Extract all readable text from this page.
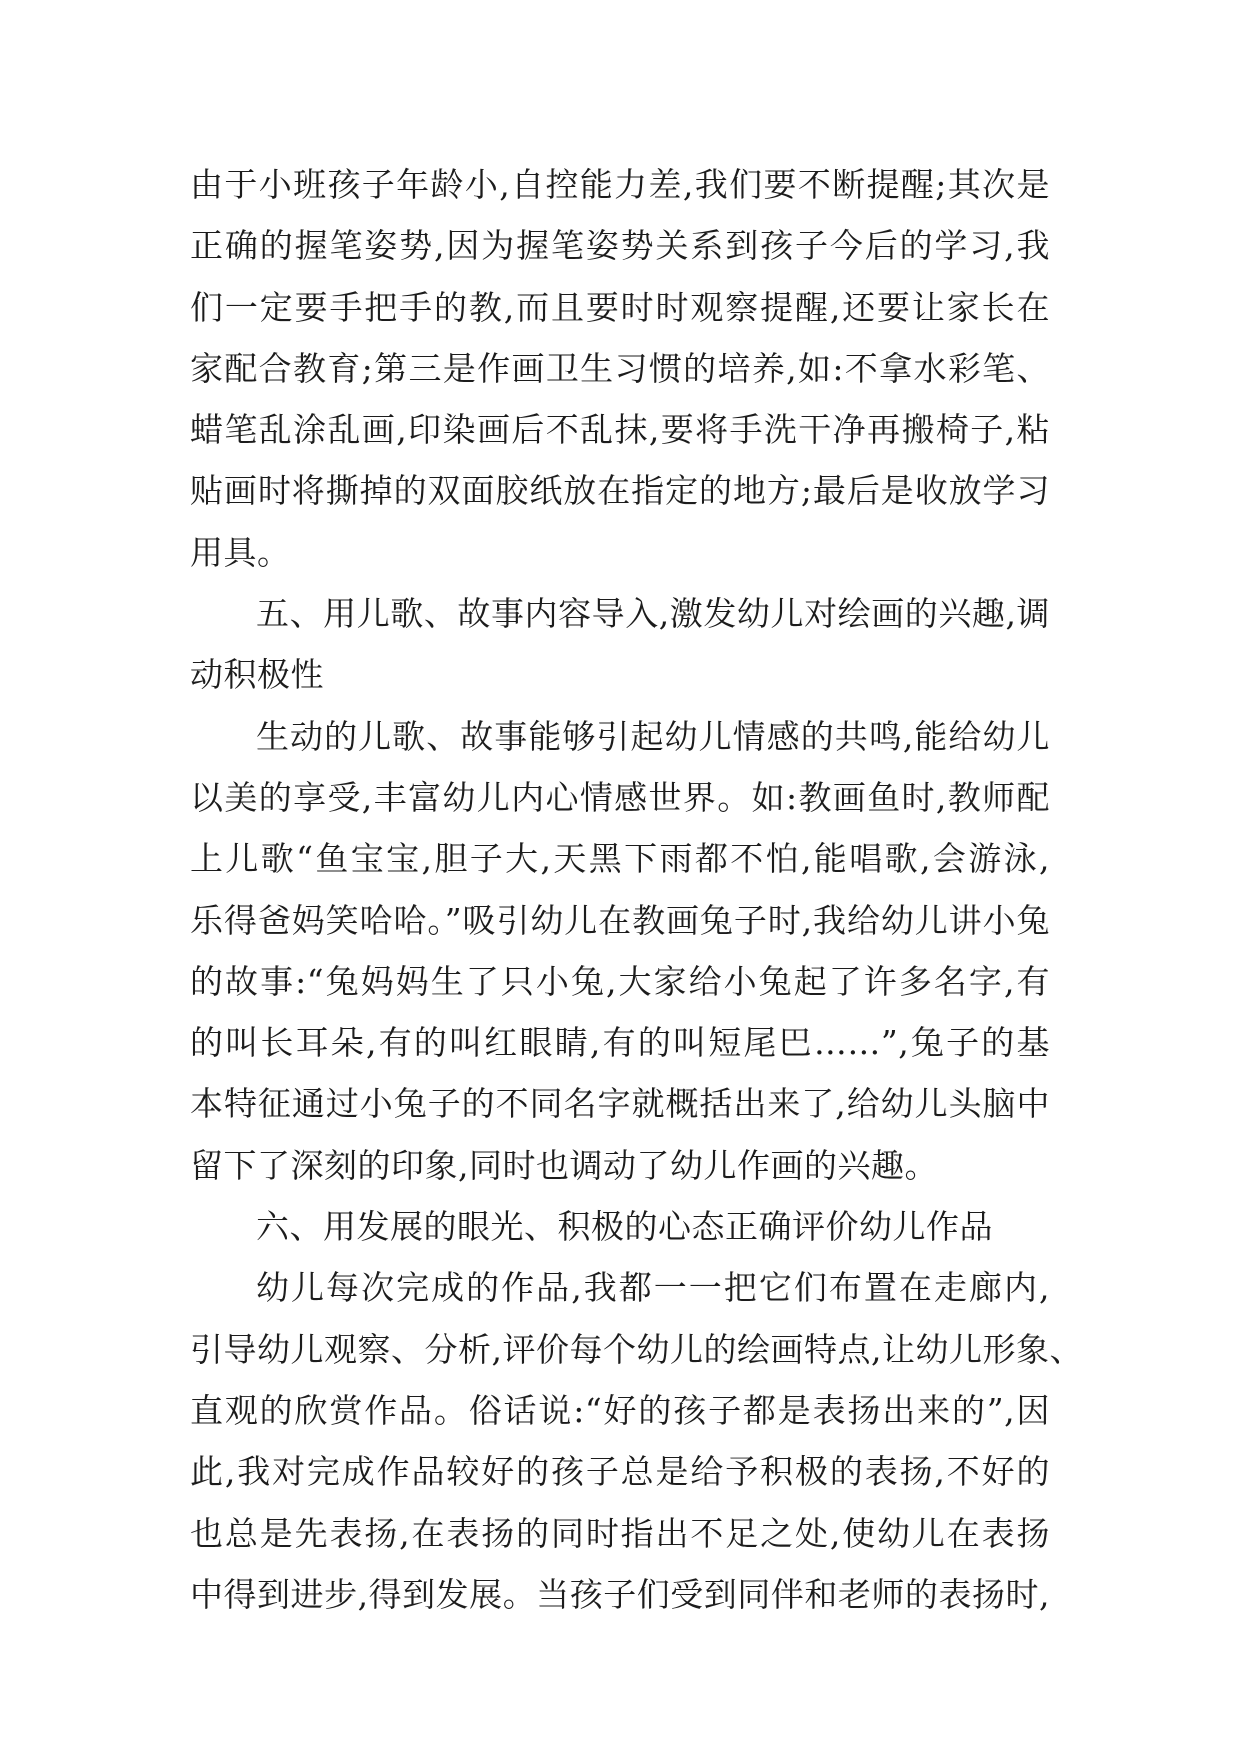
由于小班孩子年龄小,自控能力差,我们要不断提醒;其次是
正确的握笔姿势,因为握笔姿势关系到孩子今后的学习,我
们一定要手把手的教,而且要时时观察提醒,还要让家长在
家配合教育;第三是作画卫生习惯的培养,如:不拿水彩笔、
蜡笔乱涂乱画,印染画后不乱抹,要将手洗干净再搬椅子,粘
贴画时将撕掉的双面胶纸放在指定的地方;最后是收放学习
用具。
五、用儿歌、故事内容导入,激发幼儿对绘画的兴趣,调
动积极性
生动的儿歌、故事能够引起幼儿情感的共鸣,能给幼儿
以美的享受,丰富幼儿内心情感世界。如:教画鱼时,教师配
上儿歌“鱼宝宝,胆子大,天黑下雨都不怕,能唱歌,会游泳,
乐得爸妈笑哈哈。”吸引幼儿在教画兔子时,我给幼儿讲小兔
的故事:“兔妈妈生了只小兔,大家给小兔起了许多名字,有
的叫长耳朵,有的叫红眼睛,有的叫短尾巴……”,兔子的基
本特征通过小兔子的不同名字就概括出来了,给幼儿头脑中
留下了深刻的印象,同时也调动了幼儿作画的兴趣。
六、用发展的眼光、积极的心态正确评价幼儿作品
幼儿每次完成的作品,我都一一把它们布置在走廊内,
引导幼儿观察、分析,评价每个幼儿的绘画特点,让幼儿形象、
直观的欣赏作品。俗话说:“好的孩子都是表扬出来的”,因
此,我对完成作品较好的孩子总是给予积极的表扬,不好的
也总是先表扬,在表扬的同时指出不足之处,使幼儿在表扬
中得到进步,得到发展。当孩子们受到同伴和老师的表扬时,
